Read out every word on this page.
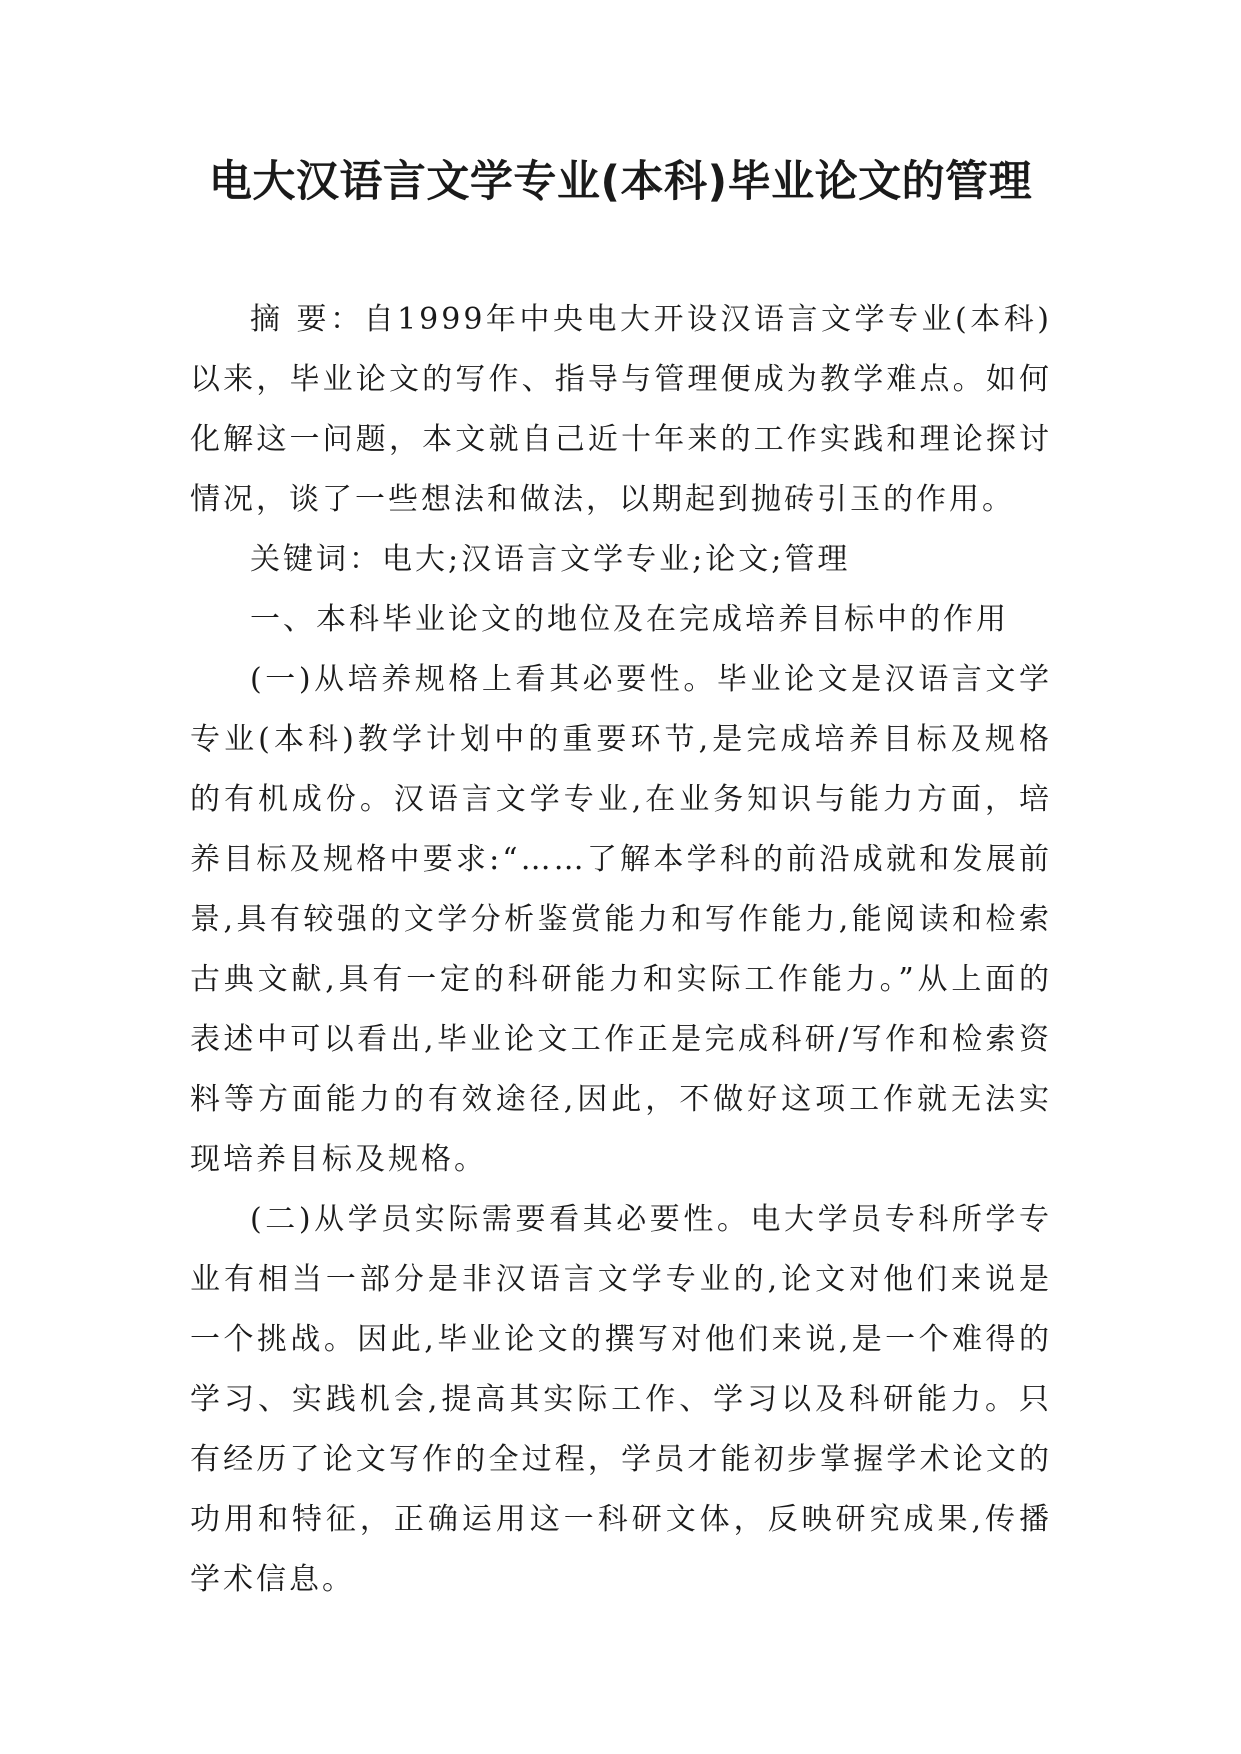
电大汉语言文学专业(本科)毕业论文的管理

摘 要：自1999年中央电大开设汉语言文学专业(本科)以来，毕业论文的写作、指导与管理便成为教学难点。如何化解这一问题，本文就自己近十年来的工作实践和理论探讨情况，谈了一些想法和做法，以期起到抛砖引玉的作用。

关键词：电大;汉语言文学专业;论文;管理

一、本科毕业论文的地位及在完成培养目标中的作用

(一)从培养规格上看其必要性。毕业论文是汉语言文学专业(本科)教学计划中的重要环节,是完成培养目标及规格的有机成份。汉语言文学专业,在业务知识与能力方面，培养目标及规格中要求:“……了解本学科的前沿成就和发展前景,具有较强的文学分析鉴赏能力和写作能力,能阅读和检索古典文献,具有一定的科研能力和实际工作能力。”从上面的表述中可以看出,毕业论文工作正是完成科研/写作和检索资料等方面能力的有效途径,因此，不做好这项工作就无法实现培养目标及规格。

(二)从学员实际需要看其必要性。电大学员专科所学专业有相当一部分是非汉语言文学专业的,论文对他们来说是一个挑战。因此,毕业论文的撰写对他们来说,是一个难得的学习、实践机会,提高其实际工作、学习以及科研能力。只有经历了论文写作的全过程，学员才能初步掌握学术论文的功用和特征，正确运用这一科研文体，反映研究成果,传播学术信息。
